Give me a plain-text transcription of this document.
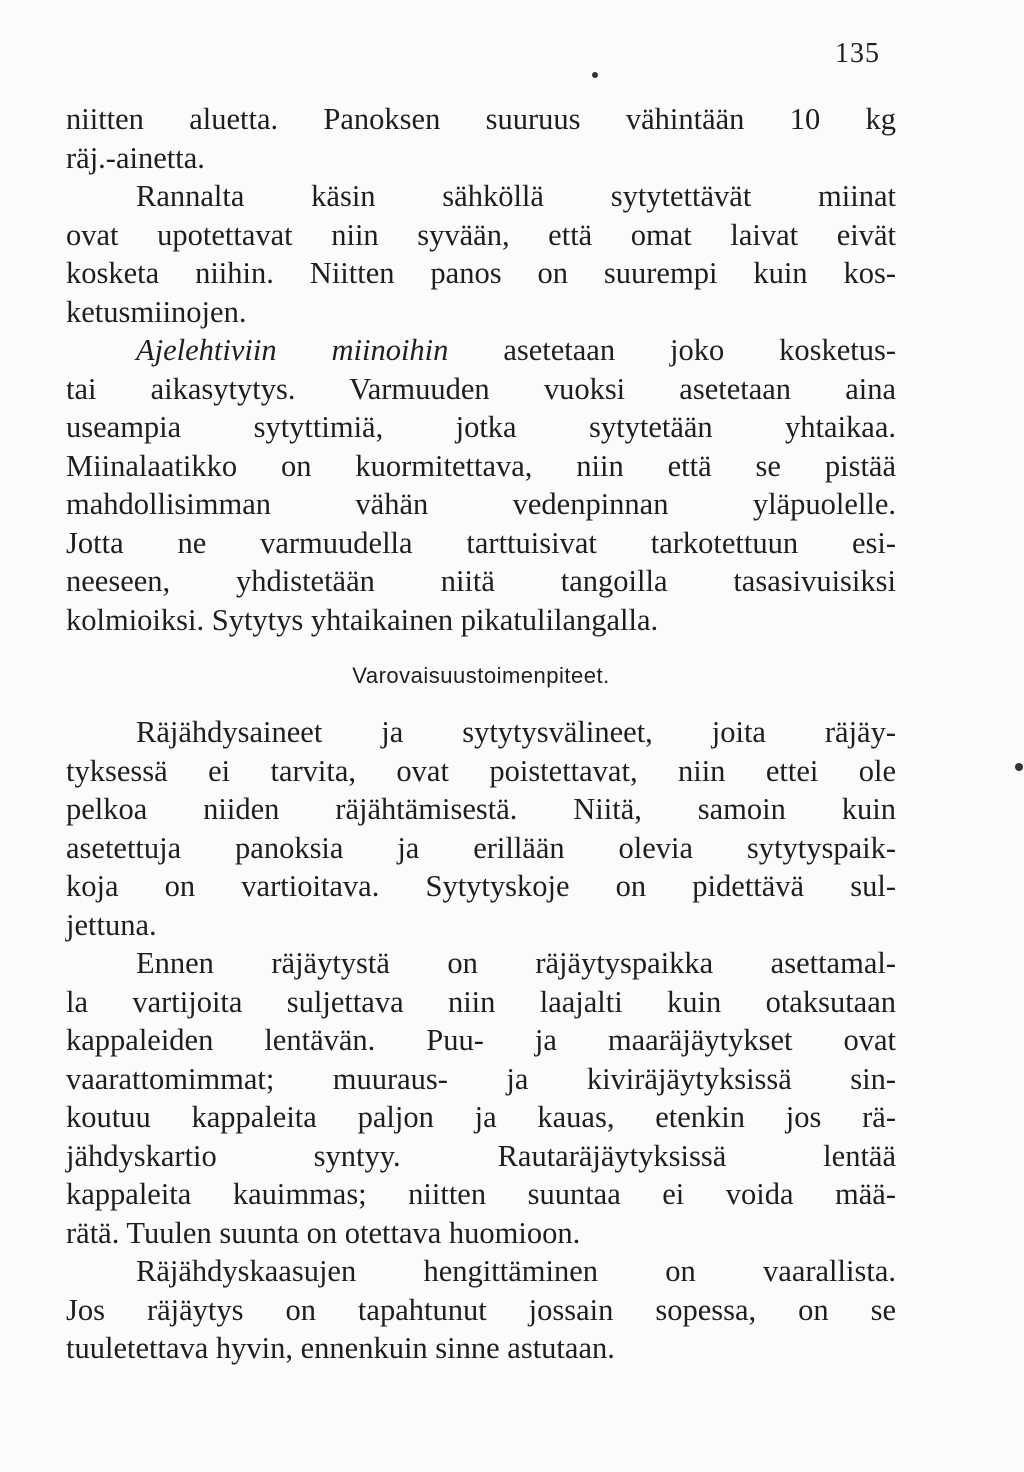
135
niitten aluetta. Panoksen suuruus vähintään 10 kg
räj.-ainetta.
Rannalta käsin sähköllä sytytettävät miinat
ovat upotettavat niin syvään, että omat laivat eivät
kosketa niihin. Niitten panos on suurempi kuin kos-
ketusmiinojen.
Ajelehtiviin miinoihin asetetaan joko kosketus-
tai aikasytytys. Varmuuden vuoksi asetetaan aina
useampia sytyttimiä, jotka sytytetään yhtaikaa.
Miinalaatikko on kuormitettava, niin että se pistää
mahdollisimman vähän vedenpinnan yläpuolelle.
Jotta ne varmuudella tarttuisivat tarkotettuun esi-
neeseen, yhdistetään niitä tangoilla tasasivuisiksi
kolmioiksi. Sytytys yhtaikainen pikatulilangalla.
Varovaisuustoimenpiteet.
Räjähdysaineet ja sytytysvälineet, joita räjäy-
tyksessä ei tarvita, ovat poistettavat, niin ettei ole
pelkoa niiden räjähtämisestä. Niitä, samoin kuin
asetettuja panoksia ja erillään olevia sytytyspaik-
koja on vartioitava. Sytytyskoje on pidettävä sul-
jettuna.
Ennen räjäytystä on räjäytyspaikka asettamal-
la vartijoita suljettava niin laajalti kuin otaksutaan
kappaleiden lentävän. Puu- ja maaräjäytykset ovat
vaarattomimmat; muuraus- ja kiviräjäytyksissä sin-
koutuu kappaleita paljon ja kauas, etenkin jos rä-
jähdyskartio syntyy. Rautaräjäytyksissä lentää
kappaleita kauimmas; niitten suuntaa ei voida mää-
rätä. Tuulen suunta on otettava huomioon.
Räjähdyskaasujen hengittäminen on vaarallista.
Jos räjäytys on tapahtunut jossain sopessa, on se
tuuletettava hyvin, ennenkuin sinne astutaan.
